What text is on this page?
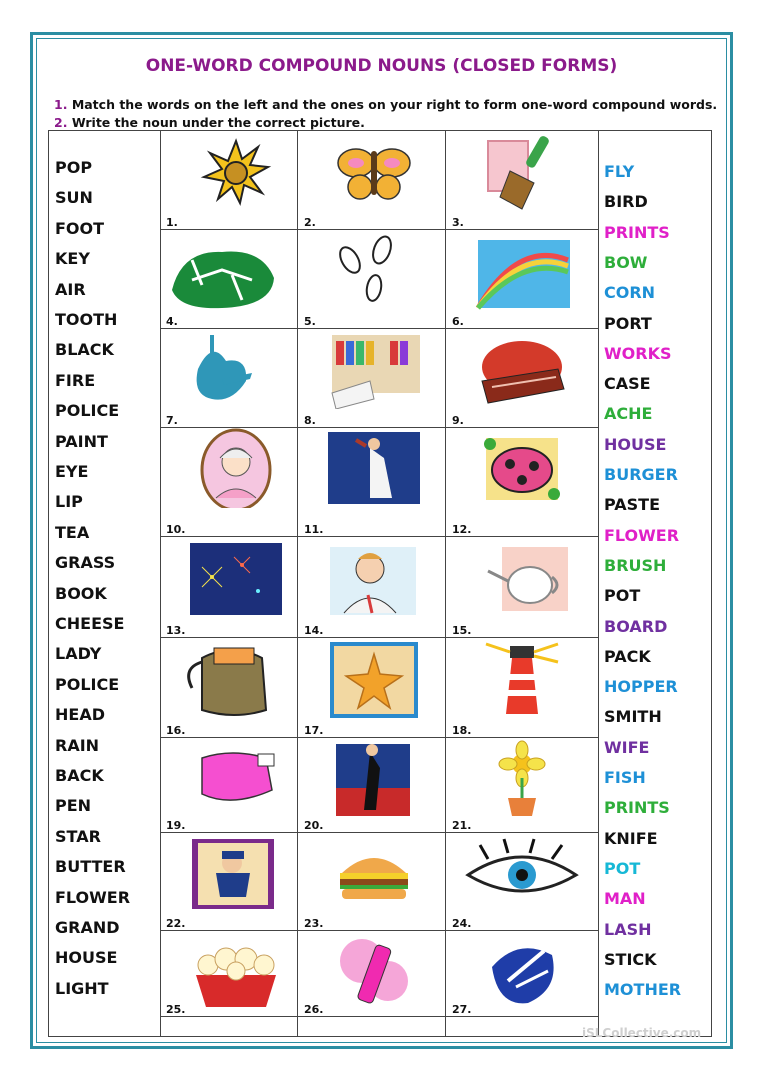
ONE-WORD COMPOUND NOUNS (CLOSED FORMS)
1. Match the words on the left and the ones on your right to form one-word compound words.
2. Write the noun under the correct picture.
POP
SUN
FOOT
KEY
AIR
TOOTH
BLACK
FIRE
POLICE
PAINT
EYE
LIP
TEA
GRASS
BOOK
CHEESE
LADY
POLICE
HEAD
RAIN
BACK
PEN
STAR
BUTTER
FLOWER
GRAND
HOUSE
LIGHT
FLY
BIRD
PRINTS
BOW
CORN
PORT
WORKS
CASE
ACHE
HOUSE
BURGER
PASTE
FLOWER
BRUSH
POT
BOARD
PACK
HOPPER
SMITH
WIFE
FISH
PRINTS
KNIFE
POT
MAN
LASH
STICK
MOTHER
1.	2.	3.
4.	5.	6.
7.	8.	9.
10.	11.	12.
13.	14.	15.
16.	17.	18.
19.	20.	21.
22.	23.	24.
25.	26.	27.
iSLCollective.com
